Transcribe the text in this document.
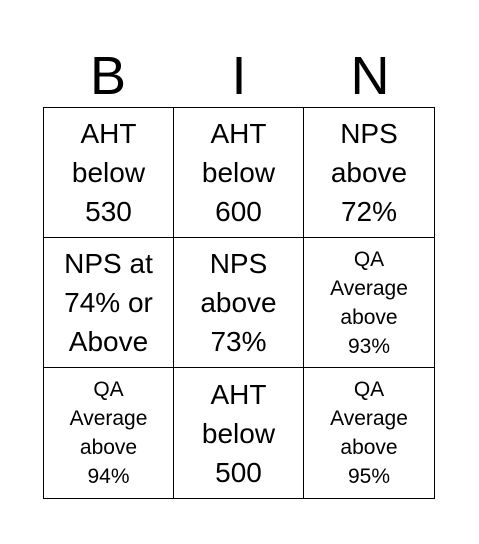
B	I	N
AHT
below
530
AHT
below
600
NPS
above
72%
NPS at
74% or
Above
NPS
above
73%
QA
Average
above
93%
QA
Average
above
94%
AHT
below
500
QA
Average
above
95%
